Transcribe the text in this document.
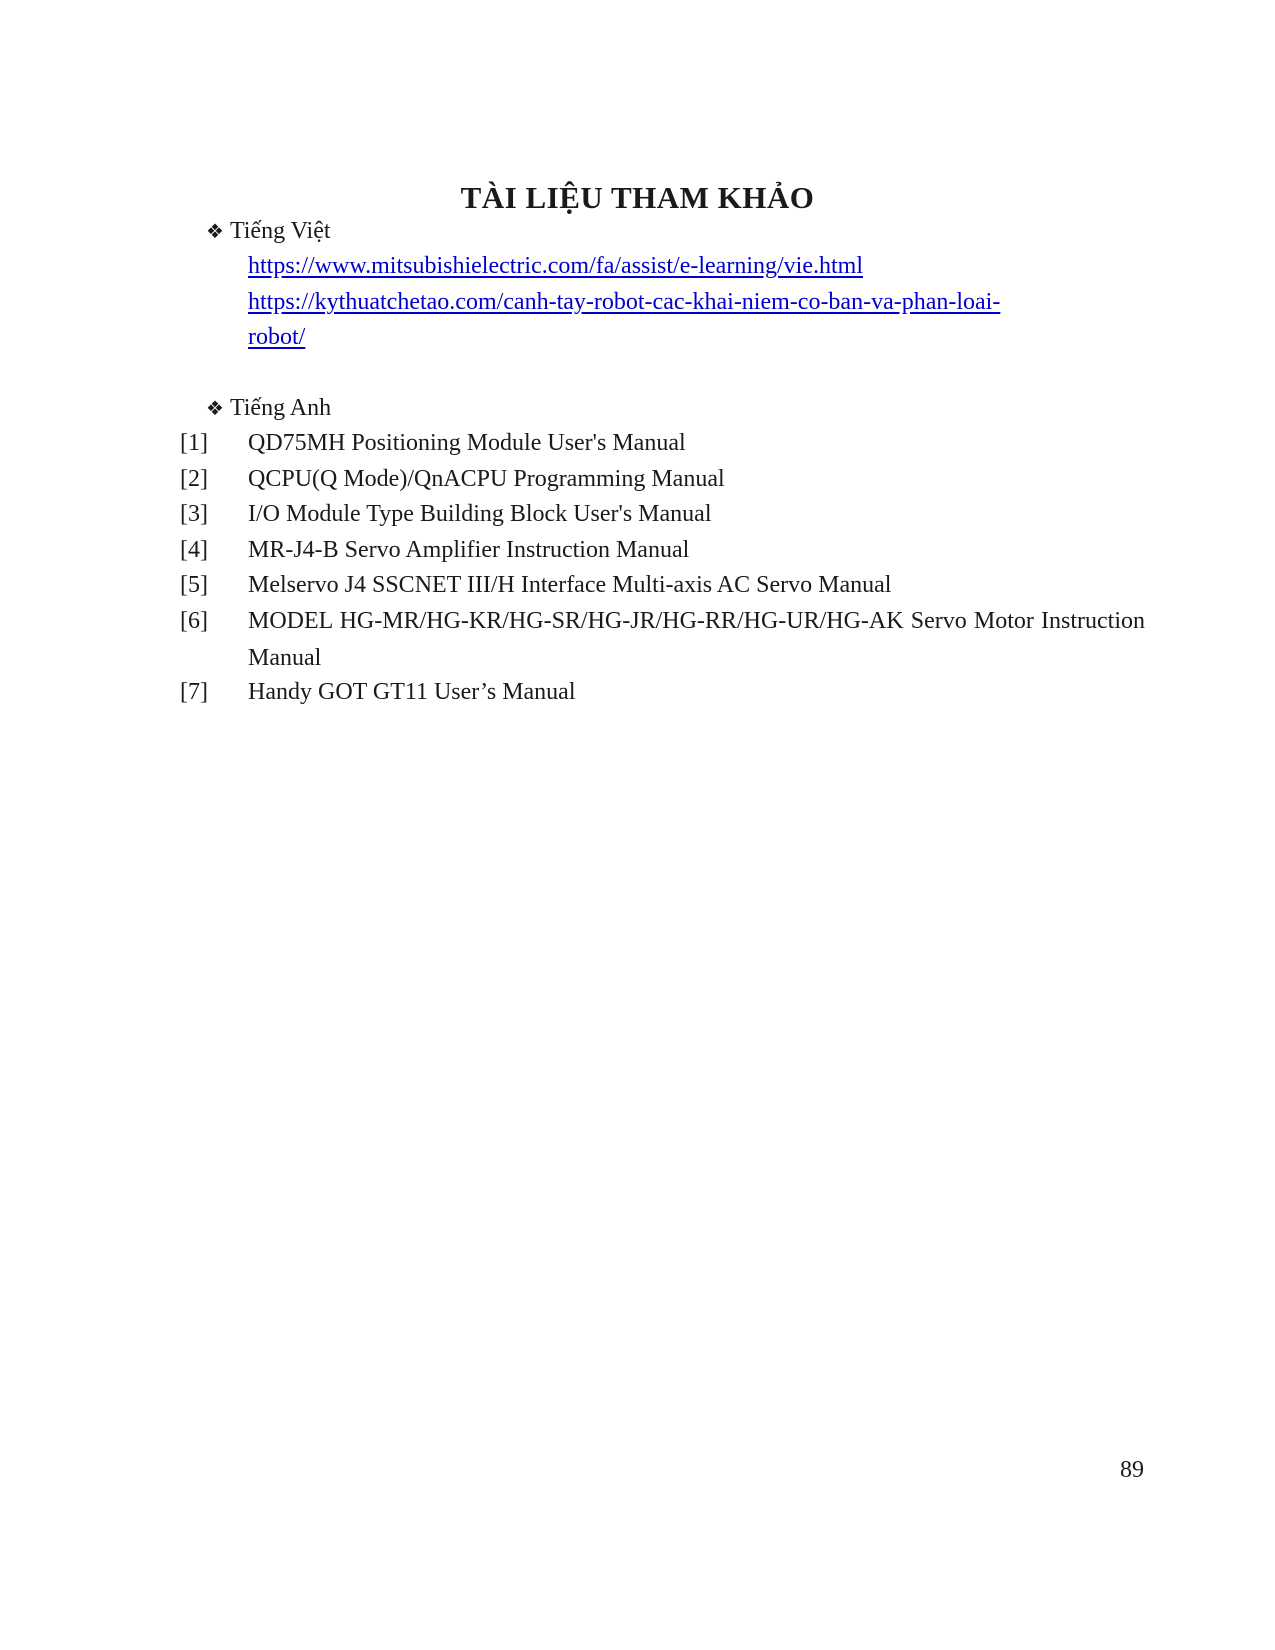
TÀI LIỆU THAM KHẢO
❖ Tiếng Việt
https://www.mitsubishielectric.com/fa/assist/e-learning/vie.html
https://kythuatchetao.com/canh-tay-robot-cac-khai-niem-co-ban-va-phan-loai-
robot/
❖ Tiếng Anh
[1] QD75MH Positioning Module User's Manual
[2] QCPU(Q Mode)/QnACPU Programming Manual
[3] I/O Module Type Building Block User's Manual
[4] MR-J4-B Servo Amplifier Instruction Manual
[5] Melservo J4 SSCNET III/H Interface Multi-axis AC Servo Manual
[6] MODEL HG-MR/HG-KR/HG-SR/HG-JR/HG-RR/HG-UR/HG-AK Servo Motor Instruction Manual
[7] Handy GOT GT11 User’s Manual
89
